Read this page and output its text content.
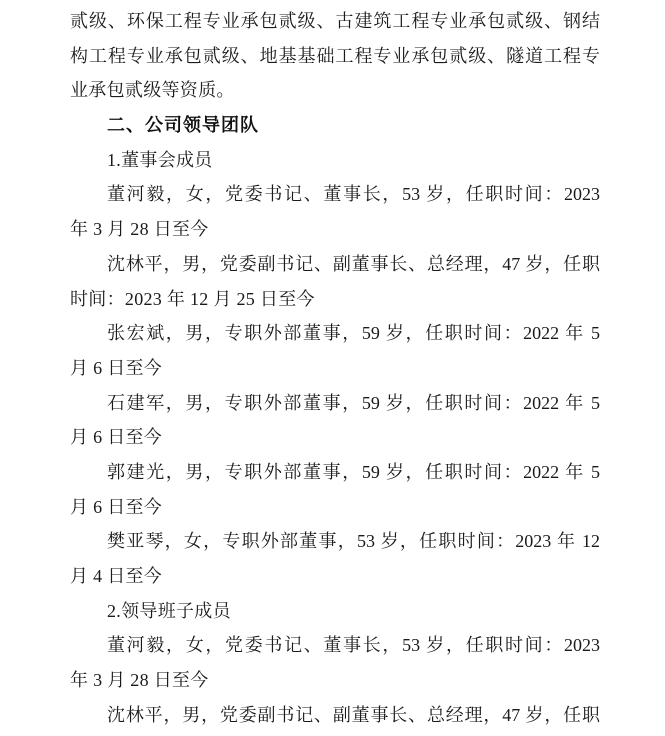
贰级、环保工程专业承包贰级、古建筑工程专业承包贰级、钢结
构工程专业承包贰级、地基基础工程专业承包贰级、隧道工程专
业承包贰级等资质。
二、公司领导团队
1.董事会成员
董河毅，女，党委书记、董事长，53 岁，任职时间：2023
年 3 月 28 日至今
沈林平，男，党委副书记、副董事长、总经理，47 岁，任职
时间：2023 年 12 月 25 日至今
张宏斌，男，专职外部董事，59 岁，任职时间：2022 年 5
月 6 日至今
石建军，男，专职外部董事，59 岁，任职时间：2022 年 5
月 6 日至今
郭建光，男，专职外部董事，59 岁，任职时间：2022 年 5
月 6 日至今
樊亚琴，女，专职外部董事，53 岁，任职时间：2023 年 12
月 4 日至今
2.领导班子成员
董河毅，女，党委书记、董事长，53 岁，任职时间：2023
年 3 月 28 日至今
沈林平，男，党委副书记、副董事长、总经理，47 岁，任职
